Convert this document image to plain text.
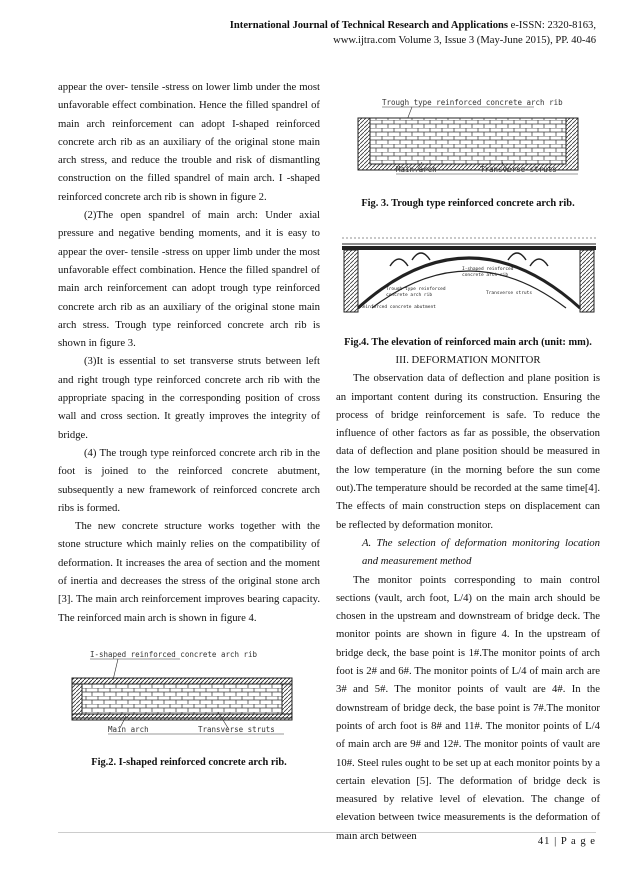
International Journal of Technical Research and Applications e-ISSN: 2320-8163,
www.ijtra.com Volume 3, Issue 3 (May-June 2015), PP. 40-46

appear the over- tensile -stress on lower limb under the most unfavorable effect combination. Hence the filled spandrel of main arch reinforcement can adopt I-shaped reinforced concrete arch rib as an auxiliary of the original stone main arch stress, and reduce the trouble and risk of dismantling construction on the filled spandrel of main arch. I -shaped reinforced concrete arch rib is shown in figure 2.

(2)The open spandrel of main arch: Under axial pressure and negative bending moments, and it is easy to appear the over- tensile -stress on upper limb under the most unfavorable effect combination. Hence the filled spandrel of main arch reinforcement can adopt trough type reinforced concrete arch rib as an auxiliary of the original stone main arch stress. Trough type reinforced concrete arch rib is shown in figure 3.

(3)It is essential to set transverse struts between left and right trough type reinforced concrete arch rib with the appropriate spacing in the corresponding position of cross wall and cross section. It greatly improves the integrity of bridge.

(4) The trough type reinforced concrete arch rib in the foot is joined to the reinforced concrete abutment, subsequently a new framework of reinforced concrete arch ribs is formed.

The new concrete structure works together with the stone structure which mainly relies on the compatibility of deformation. It increases the area of section and the moment of inertia and decreases the stress of the original stone arch [3]. The main arch reinforcement improves bearing capacity. The reinforced main arch is shown in figure 4.

I-shaped reinforced concrete arch rib
Main arch	Transverse struts
Fig.2. I-shaped reinforced concrete arch rib.
Trough type reinforced concrete arch rib
Main arch	Transverse struts
Fig. 3. Trough type reinforced concrete arch rib.
I-shaped reinforced
concrete arch rib
Trough type reinforced
concrete arch rib	Transverse struts
Reinforced concrete abutment
Fig.4. The elevation of reinforced main arch (unit: mm).

III. DEFORMATION MONITOR

The observation data of deflection and plane position is an important content during its construction. Ensuring the process of bridge reinforcement is safe. To reduce the influence of other factors as far as possible, the observation data of deflection and plane position should be measured in the low temperature (in the morning before the sun come out).The temperature should be recorded at the same time[4]. The effects of main construction steps on displacement can be reflected by deformation monitor.

A. The selection of deformation monitoring location and measurement method

The monitor points corresponding to main control sections (vault, arch foot, L/4) on the main arch should be chosen in the upstream and downstream of bridge deck. The monitor points are shown in figure 4. In the upstream of bridge deck, the base point is 1#.The monitor points of arch foot is 2# and 6#. The monitor points of L/4 of main arch are 3# and 5#. The monitor points of vault are 4#. In the downstream of bridge deck, the base point is 7#.The monitor points of arch foot is 8# and 11#. The monitor points of L/4 of main arch are 9# and 12#. The monitor points of vault are 10#. Steel rules ought to be set up at each monitor points by a certain elevation [5]. The deformation of bridge deck is measured by relative level of elevation. The change of elevation between twice measurements is the deformation of main arch between	41 | P a g e
